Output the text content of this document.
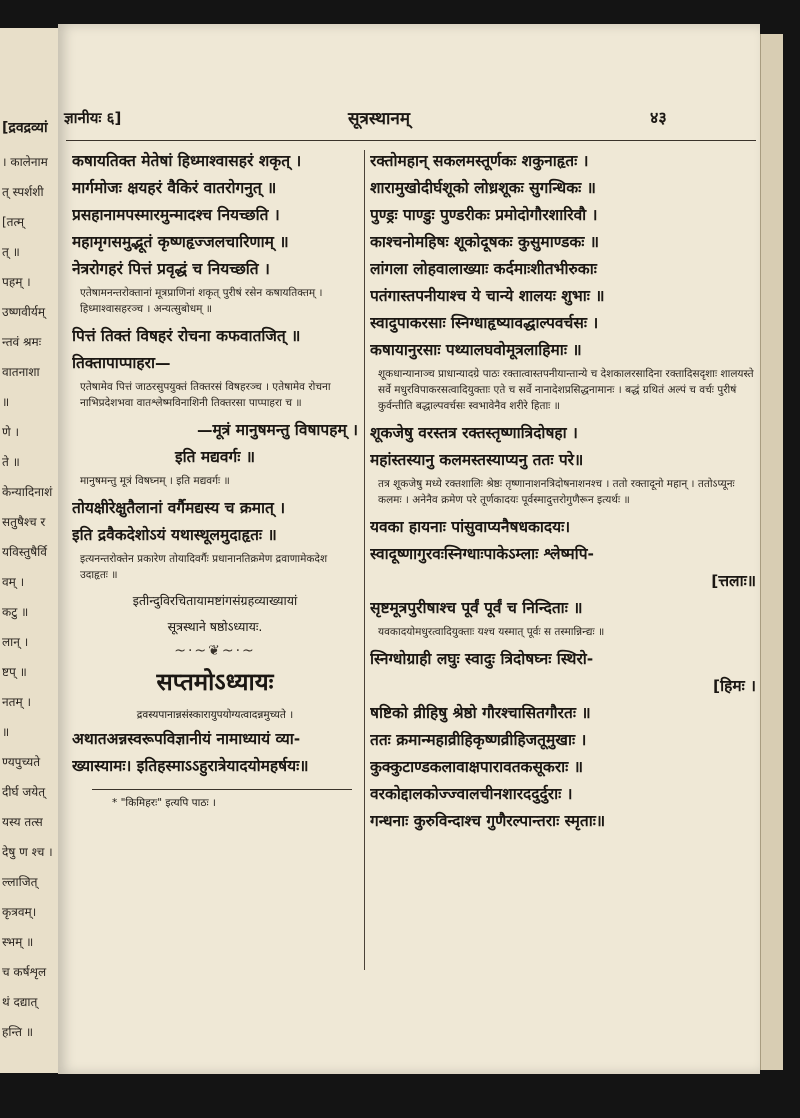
[द्रवद्रव्यां
। कालेनाम
त् स्पर्शशी
[तत्म्
त् ॥
पहम् ।
उष्णवीर्यम्
न्तवं श्रमः
वातनाशा
॥
णे ।
ते ॥
केन्यादिनाशं
सतुषैश्च र
यविस्तुषैर्वि
वम् ।
कटु ॥
लान् ।
ष्टप् ॥
नतम् ।
॥
ण्यपुच्यते
दीर्घ जयेत्
यस्य तत्स
देषु ण श्च ।
ल्लाजित्
कृत्रवम्।
स्भम् ॥
च कर्षशृल
थं दद्यात्
हन्ति ॥
ज्ञानीयः ६]	सूत्रस्थानम्	४३
कषायतिक्त मेतेषां हिध्माश्वासहरं शकृत् ।
मार्गमोजः क्षयहरं वैकिरं वातरोगनुत् ॥
प्रसहानामपस्मारमुन्मादश्च नियच्छति ।
महामृगसमुद्भूतं कृष्णहृज्जलचारिणाम् ॥
नेत्ररोगहरं पित्तं प्रवृद्धं च नियच्छति ।
एतेषामनन्तरोक्तानां मूत्रप्राणिनां शकृत् पुरीषं रसेन कषायतिक्तम् । हिध्माश्वासहरञ्च । अन्यत्सुबोधम् ॥
पित्तं तिक्तं विषहरं रोचना कफवातजित् ॥
तिक्तापाप्पाहरा—
एतेषामेव पित्तं जाठरसुपयुक्तं तिक्तरसं विषहरञ्च । एतेषामेव रोचना नाभिप्रदेशभवा वातश्लेष्मविनाशिनी तिक्तरसा पाप्पाहरा च ॥
—मूत्रं मानुषमन्तु विषापहम् ।
इति मद्यवर्गः ॥
मानुषमन्तु मूत्रं विषघ्नम् । इति मद्यवर्गः ॥
तोयक्षीरेक्षुतैलानां वर्गैमद्यस्य च क्रमात् ।
इति द्रवैकदेशोऽयं यथास्थूलमुदाहृतः ॥
इत्यनन्तरोक्तेन प्रकारेण तोयादिवर्गैः प्रधानानतिक्रमेण द्रवाणामेकदेश उदाहृतः ॥
इतीन्दुविरचितायामष्टांगसंग्रहव्याख्यायां
सूत्रस्थाने षष्ठोऽध्यायः.
~·~❦~·~
सप्तमोऽध्यायः
द्रवस्यपानान्नसंस्कारायुपयोग्यत्वादन्नमुच्यते ।
अथातअन्नस्वरूपविज्ञानीयं नामाध्यायं व्या-
ख्यास्यामः। इतिहस्माऽऽहुरात्रेयादयोमहर्षयः॥
* "किमिहरः" इत्यपि पाठः ।
रक्तोमहान् सकलमस्तूर्णकः शकुनाहृतः ।
शारामुखोदीर्घशूको लोध्रशूकः सुगन्धिकः ॥
पुण्ड्रः पाण्डुः पुण्डरीकः प्रमोदोगौरशारिवौ ।
काश्चनोमहिषः शूकोदूषकः कुसुमाण्डकः ॥
लांगला लोहवालाख्याः कर्दमाःशीतभीरुकाः
पतंगास्तपनीयाश्च ये चान्ये शालयः शुभाः ॥
स्वादुपाकरसाः स्निग्धाहृष्यावद्धाल्पवर्चसः ।
कषायानुरसाः पथ्यालघवोमूत्रलाहिमाः ॥
शूकधान्यानाञ्च प्राधान्यादग्रे पाठः रक्तात्वास्तपनीयान्तान्ये च देशकालरसादिना रक्तादिसदृशाः शालयस्ते सर्वे मधुरविपाकरसत्वादियुक्ताः एते च सर्वे नानादेशप्रसिद्धनामानः । बद्धं ग्रथितं अल्पं च वर्चः पुरीषं कुर्वन्तीति बद्धाल्पवर्चसः स्वभावेनैव शरीरे हिताः ॥
शूकजेषु वरस्तत्र रक्तस्तृष्णात्रिदोषहा ।
महांस्तस्यानु कलमस्तस्याप्यनु ततः परे॥
तत्र शूकजेषु मध्ये रक्तशालिः श्रेष्ठः तृष्णानाशनत्रिदोषनाशनश्च । ततो रक्तादूनो महान् । ततोऽप्यूनः कलमः । अनेनैव क्रमेण परे तूर्णकादयः पूर्वस्मादुत्तरोगुणैरून इत्यर्थः ॥
यवका हायनाः पांसुवाप्यनैषधकादयः।
स्वादूष्णागुरवःस्निग्धाःपाकेऽम्लाः श्लेष्मपि-
[त्तलाः॥
सृष्टमूत्रपुरीषाश्च पूर्वं पूर्वं च निन्दिताः ॥
यवकादयोमधुरत्वादियुक्ताः यश्च यस्मात् पूर्वः स तस्मान्निन्द्यः ॥
स्निग्धोग्राही लघुः स्वादुः त्रिदोषघ्नः स्थिरो-
[हिमः ।
षष्टिको व्रीहिषु श्रेष्ठो गौरश्चासितगौरतः ॥
ततः क्रमान्महाव्रीहिकृष्णव्रीहिजतूमुखाः ।
कुक्कुटाण्डकलावाक्षपारावतकसूकराः ॥
वरकोद्दालकोज्ज्वालचीनशारददुर्दुराः ।
गन्धनाः कुरुविन्दाश्च गुणैरल्पान्तराः स्मृताः॥
